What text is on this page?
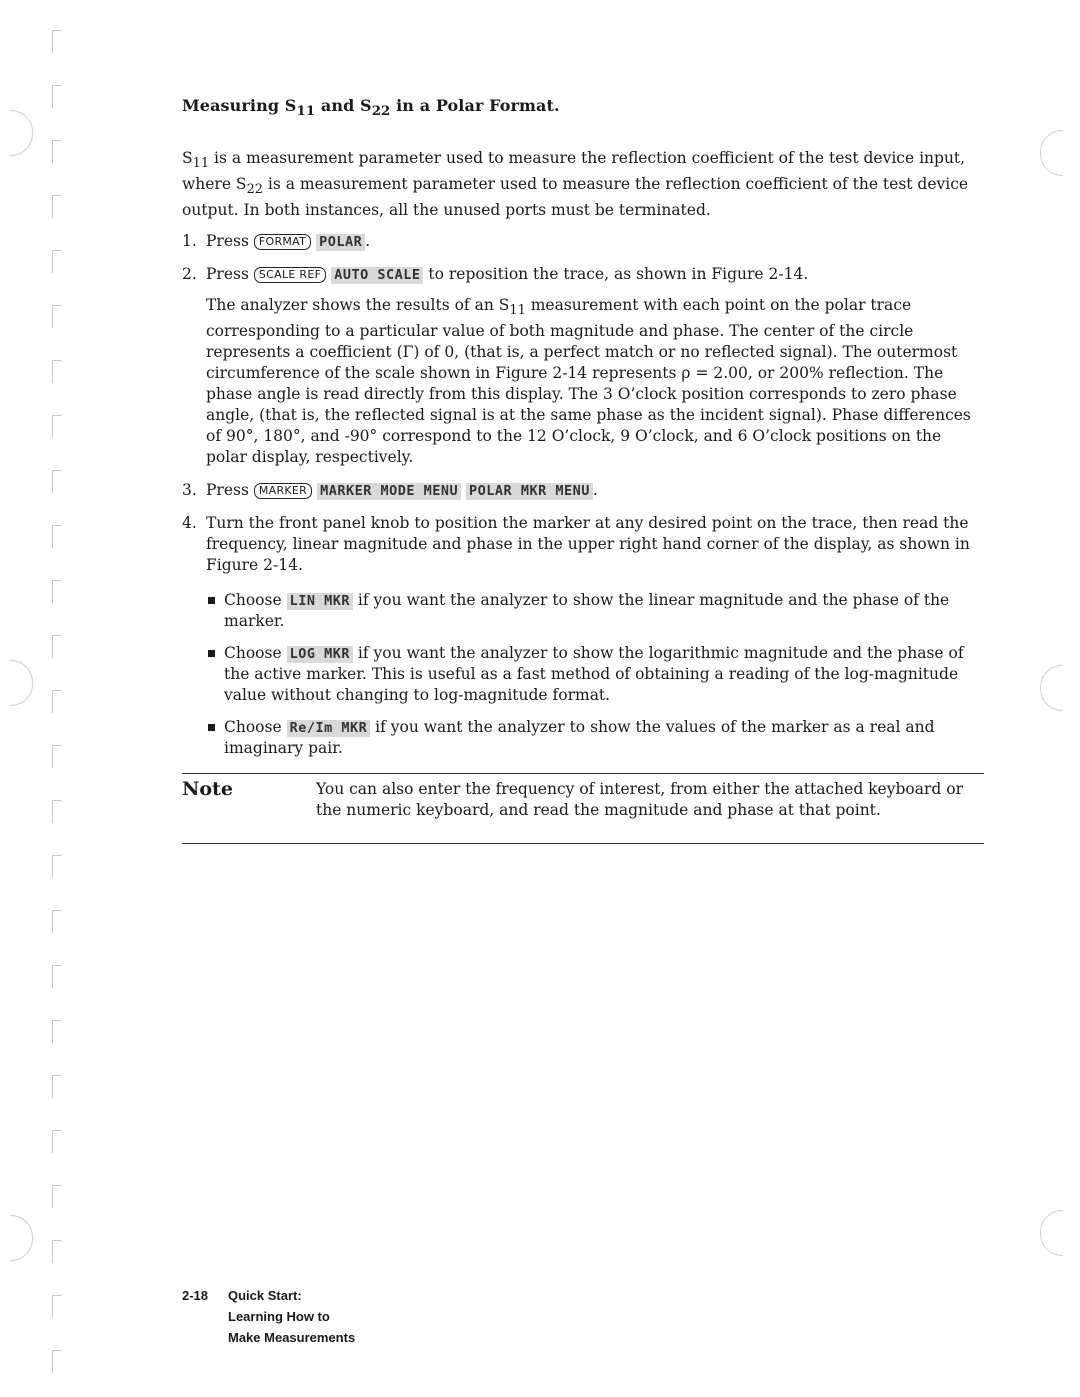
Measuring $S_{11}$ and $S_{22}$ in a Polar Format.

$S_{11}$ is a measurement parameter used to measure the reflection coefficient of the test device input, where $S_{22}$ is a measurement parameter used to measure the reflection coefficient of the test device output. In both instances, all the unused ports must be terminated.

1. Press FORMAT POLAR .
2. Press SCALE REF AUTO SCALE to reposition the trace, as shown in Figure 2-14.
The analyzer shows the results of an $S_{11}$ measurement with each point on the polar trace corresponding to a particular value of both magnitude and phase. The center of the circle represents a coefficient (Γ) of 0, (that is, a perfect match or no reflected signal). The outermost circumference of the scale shown in Figure 2-14 represents ρ = 2.00, or 200% reflection. The phase angle is read directly from this display. The 3 O’clock position corresponds to zero phase angle, (that is, the reflected signal is at the same phase as the incident signal). Phase differences of 90°, 180°, and -90° correspond to the 12 O’clock, 9 O’clock, and 6 O’clock positions on the polar display, respectively.
3. Press MARKER MARKER MODE MENU POLAR MKR MENU .
4. Turn the front panel knob to position the marker at any desired point on the trace, then read the frequency, linear magnitude and phase in the upper right hand corner of the display, as shown in Figure 2-14.
Choose LIN MKR if you want the analyzer to show the linear magnitude and the phase of the marker.
Choose LOG MKR if you want the analyzer to show the logarithmic magnitude and the phase of the active marker. This is useful as a fast method of obtaining a reading of the log-magnitude value without changing to log-magnitude format.
Choose Re/Im MKR if you want the analyzer to show the values of the marker as a real and imaginary pair.
Note	You can also enter the frequency of interest, from either the attached keyboard or the numeric keyboard, and read the magnitude and phase at that point.
2-18 Quick Start:
Learning How to
Make Measurements
